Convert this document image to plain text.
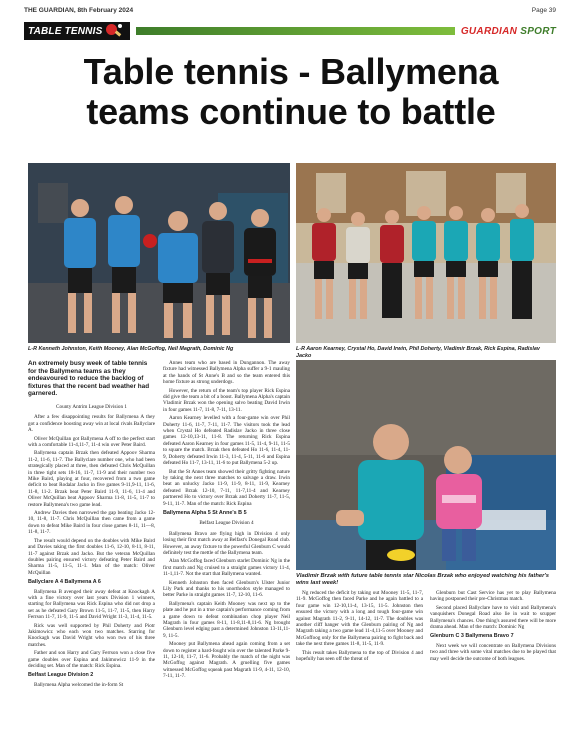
THE GUARDIAN, 8th February 2024	Page 39
TABLE TENNIS	GUARDIAN SPORT
Table tennis - Ballymena
teams continue to battle
L-R Kenneth Johnston, Keith Mooney, Alan McGoffog, Neil Magrath, Dominic Ng	L-R Aaron Kearney, Crystal Ho, David Irwin, Phil Doherty, Vladimir Brzak, Rick Espina, Radislav Jacko
Vladimir Brzak with future table tennis star Nicolas Brzak who enjoyed watching his father's wins last week!

An extremely busy week of table tennis for the Ballymena teams as they endeavoured to reduce the backlog of fixtures that the recent bad weather had garnered.

County Antrim League Division 1

After a few disappointing results for Ballymena A they got a confidence boosting away win at local rivals Ballyclare A.

Oliver McQuillan got Ballymena A off to the perfect start with a comfortable 11-4,11-7, 11-4 win over Peter Baird.

Ballymena captain Brzak then defeated Appoov Sharma 11-2, 11-6, 11-7. The Ballyclare number one, who had been strategically placed at three, then defeated Chris McQuillan in three tight sets 18-16, 11-7, 11-9 and their number two Mike Baird, playing at four, recovered from a two game deficit to beat Rodalar Jacko in five games 9-11,9-11, 11-6, 11-8, 11-2. Brzak beat Peter Baird 11-9, 11-6, 11-4 and Oliver McQuillan beat Appoov Sharma 11-8, 11-5, 11-7 to restore Ballymena's two game lead.

Andrew Davies then narrowed the gap beating Jacko 12-10, 11-8, 11-7. Chris McQuillan then came from a game down to defeat Mike Baird in four close games 8-11, 11—8, 11-8, 11-7.

The result would depend on the doubles with Mike Baird and Davies taking the first doubles 11-6, 12-10, 8-11, 8-11, 11-7 against Brzak and Jacko. But the veteran McQuillan doubles pairing ensured victory defeating Peter Baird and Sharma 11-5, 11-5, 11-1. Man of the match: Oliver McQuillan

Ballyclare A 4 Ballymena A 6

Ballymena B avenged their away defeat at Knockagh A with a fine victory over last years Division 1 winners, starting for Ballymena was Rick Espina who did not drop a set as he defeated Gary Brown 11-5, 11-7, 11-5, then Harry Ferrson 11-7, 11-9, 11-5 and David Wright 11-3, 11-4, 11-5.

Rick was well supported by Phil Doherty and Piotr Jakimowicz who each won two matches. Starring for Knockagh was David Wright who won two of his three matches.

Father and son Harry and Gary Ferrson won a close five game doubles over Espina and Jakimowicz 11-9 in the deciding set. Man of the match: Rick Espina.

Belfast League Division 2

Ballymena Alpha welcomed the in-form St

Annes team who are based in Dungannon. The away fixture had witnessed Ballymena Alpha suffer a 9-1 mauling at the hands of St Anne's B and so the team entered this home fixture as strong underdogs.

However, the return of the team's top player Rick Espina did give the team a bit of a boost. Ballymena Alpha's captain Vladimir Brzak won the opening salvo beating David Irwin in four games 11-7, 11-8, 7-11, 13-11.

Aaron Kearney levelled with a four-game win over Phil Doherty 11-6, 11-7, 7-11, 11-7. The visitors took the lead when Crystal Ho defeated Radislav Jacko in three close games 12-10,13-11, 11-8. The returning Rick Espina defeated Aaron Kearney in four games 11-5, 11-4, 9-11, 11-5 to square the match. Brzak then defeated Ho 11-6, 11-4, 11-9, Doherty defeated Irwin 11-3, 11-4, 5-11, 11-6 and Espina defeated Ho 11-7, 13-11, 11-6 to put Ballymena 5-2 up.

But the St Annes team showed their gritty fighting nature by taking the next three matches to salvage a draw. Irwin beat an unlucky Jacko 11-9, 11-9, 8-11, 11-9, Kearney defeated Brzak 12-10, 7-11, 11-7,11-4 and Kearney partnered Ho to victory over Brzak and Doherty 11-7, 11-5, 9-11, 11-7. Man of the match: Rick Espina

Ballymena Alpha 5 St Anne's B 5

Belfast League Division 4

Ballymena Bravo are flying high in Division 4 only losing their first match away at Belfast's Donegal Road club. However, an away fixture to the powerful Glenburn C would definitely test the mettle of the Ballymena team.

Alan McGoffog faced Glenburn starlet Dominic Ng in the first match and Ng cruised to a straight games victory 11-4, 11-1,11-7. Not the start that Ballymena wanted.

Kenneth Johnston then faced Glenburn's Ulster Junior Lily Park and thanks to his unorthodox style managed to better Parke in straight games 11-7, 12-10, 11-6.

Ballymena's captain Keith Mooney was next up to the plate and he put in a true captain's performance coming from a game down to defeat combination chop player Neil Magrath in four games 8-11, 11-8,11-8,11-6. Ng brought Glenburn level edging past a determined Johnston 13-11,11-9, 11-5.

Mooney put Ballymena ahead again coming from a set down to register a hard-fought win over the talented Parke 9-11, 12-10, 11-7, 11-6. Probably the match of the night was McGoffog against Magrath. A gruelling five games witnessed McGoffog squeak past Magrath 11-9, 4-11, 12-10, 7-11, 11-7.

Ng reduced the deficit by taking out Mooney 11-5, 11-7, 11-9. McGoffog then faced Parke and he again battled to a four game win 12-10,11-4, 13-15, 11-5. Johnston then ensured the victory with a long and tough four-game win against Magrath 11-2, 9-11, 14-12, 11-7. The doubles was another cliff hanger with the Glenburn pairing of Ng and Magrath taking a two game lead 11-4,11-5 over Mooney and McGoffoog only for the Ballymena pairing to fight back and take the next three games 11-8, 11-5, 11-9.

This result takes Ballymena to the top of Division 4 and hopefully has seen off the threat of

Glenburn but Cast Service has yet to play Ballymena having postponed their pre-Christmas match.

Second placed Ballyclare have to visit and Ballymena's vanquishers Donegal Road also lie in wait to scupper Ballymena's chances. One thing's assured there will be more drama ahead. Man of the match: Dominic Ng

Glenburn C 3 Ballymena Bravo 7

Next week we will concentrate on Ballymena Divisions two and three with some vital matches due to be played that may well decide the outcome of both leagues.
